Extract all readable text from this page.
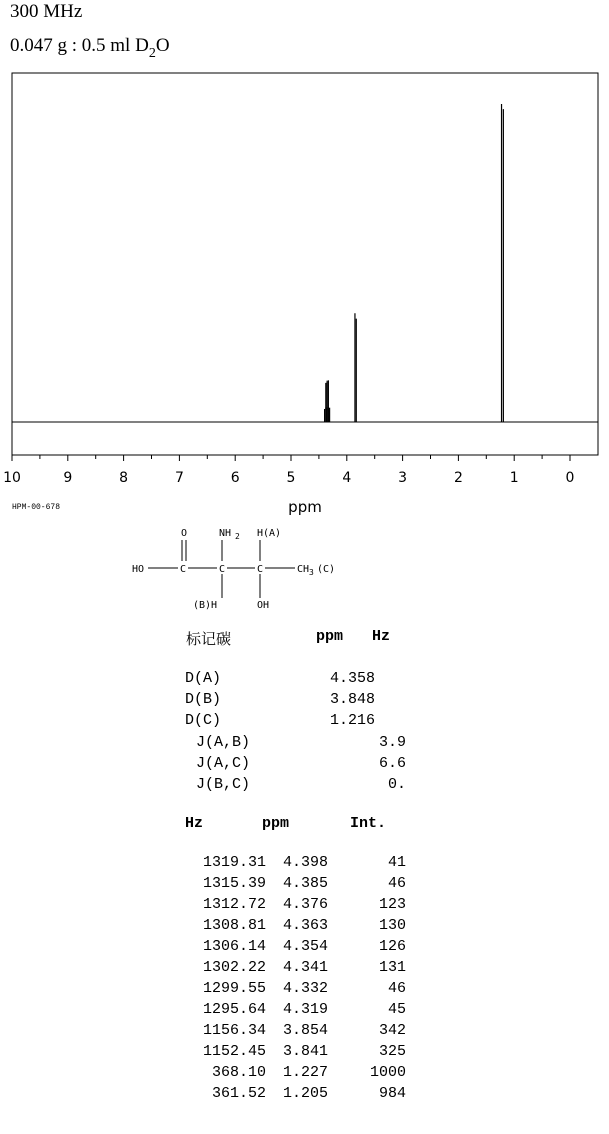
300 MHz
0.047 g : 0.5 ml $D_2O$
10	9	8	7	6	5	4	3	2	1	0
ppm
HPM-00-678
O	NH 2 H(A)
HO	C	C	C	CH 3 (C)
(B)H	OH
标记碳	ppm Hz
D(A)	4.358
D(B)	3.848
D(C)	1.216
J(A,B)	3.9
J(A,C)	6.6
J(B,C)	0.
Hz	ppm	Int.
1319.31	4.398	41
1315.39	4.385	46
1312.72	4.376	123
1308.81	4.363	130
1306.14	4.354	126
1302.22	4.341	131
1299.55	4.332	46
1295.64	4.319	45
1156.34	3.854	342
1152.45	3.841	325
368.10	1.227	1000
361.52	1.205	984
